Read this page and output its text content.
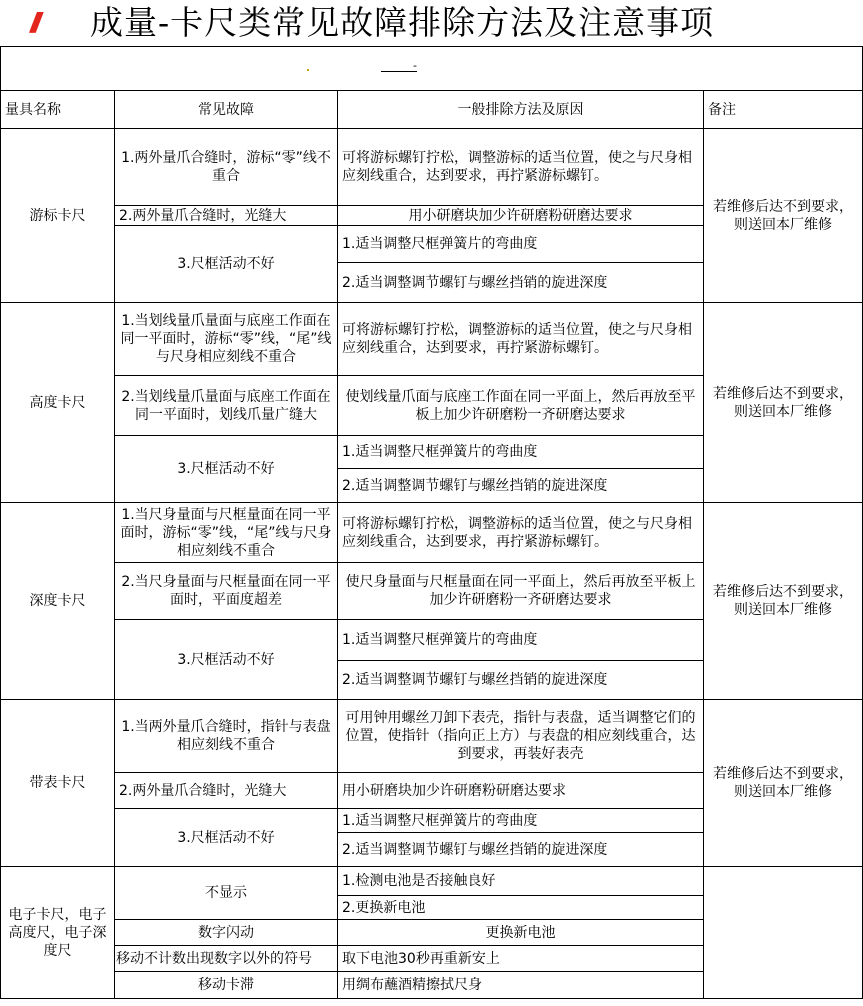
/// 成量-卡尺类常见故障排除方法及注意事项
-
量具名称	常见故障	一般排除方法及原因	备注
游标卡尺	1.两外量爪合缝时，游标“零”线不重合	可将游标螺钉拧松，调整游标的适当位置，使之与尺身相应刻线重合，达到要求，再拧紧游标螺钉。	若维修后达不到要求，则送回本厂维修
	2.两外量爪合缝时，光缝大	用小研磨块加少许研磨粉研磨达要求	
	3.尺框活动不好	1.适当调整尺框弹簧片的弯曲度	
		2.适当调整调节螺钉与螺丝挡销的旋进深度	
高度卡尺	1.当划线量爪量面与底座工作面在同一平面时，游标“零”线，“尾”线与尺身相应刻线不重合	可将游标螺钉拧松，调整游标的适当位置，使之与尺身相应刻线重合，达到要求，再拧紧游标螺钉。	若维修后达不到要求，则送回本厂维修
	2.当划线量爪量面与底座工作面在同一平面时，划线爪量广缝大	使划线量爪面与底座工作面在同一平面上，然后再放至平板上加少许研磨粉一齐研磨达要求	
	3.尺框活动不好	1.适当调整尺框弹簧片的弯曲度	
		2.适当调整调节螺钉与螺丝挡销的旋进深度	
深度卡尺	1.当尺身量面与尺框量面在同一平面时，游标“零”线，“尾”线与尺身相应刻线不重合	可将游标螺钉拧松，调整游标的适当位置，使之与尺身相应刻线重合，达到要求，再拧紧游标螺钉。	若维修后达不到要求，则送回本厂维修
	2.当尺身量面与尺框量面在同一平面时，平面度超差	使尺身量面与尺框量面在同一平面上，然后再放至平板上加少许研磨粉一齐研磨达要求	
	3.尺框活动不好	1.适当调整尺框弹簧片的弯曲度	
		2.适当调整调节螺钉与螺丝挡销的旋进深度	
带表卡尺	1.当两外量爪合缝时，指针与表盘相应刻线不重合	可用钟用螺丝刀卸下表壳，指针与表盘，适当调整它们的位置，使指针（指向正上方）与表盘的相应刻线重合，达到要求，再装好表壳	若维修后达不到要求，则送回本厂维修
	2.两外量爪合缝时，光缝大	用小研磨块加少许研磨粉研磨达要求	
	3.尺框活动不好	1.适当调整尺框弹簧片的弯曲度	
		2.适当调整调节螺钉与螺丝挡销的旋进深度	
电子卡尺，电子高度尺，电子深度尺	不显示	1.检测电池是否接触良好	
		2.更换新电池	
	数字闪动	更换新电池	
	移动不计数出现数字以外的符号	取下电池30秒再重新安上	
	移动卡滞	用绸布蘸酒精擦拭尺身	
